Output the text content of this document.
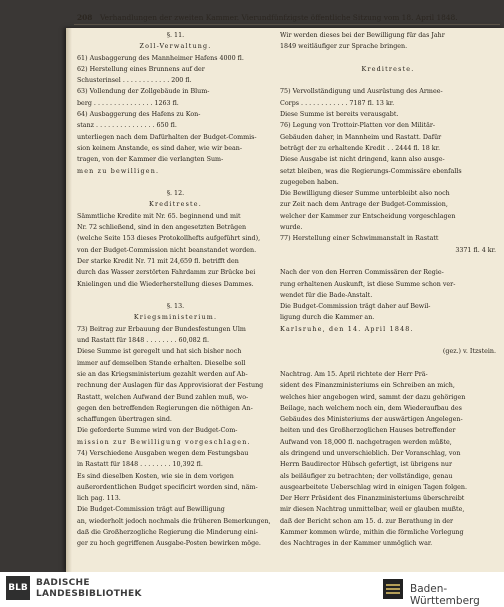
208 Verhandlungen der zweiten Kammer. Vierundfünfzigste öffentliche Sitzung vom 18. April 1848.
§. 11.
Zoll-Verwaltung.
61) Ausbaggerung des Mannheimer Hafens 4000 fl.
62) Herstellung eines Brunnens auf der
Schusterinsel . . . . . . . . . . . . 200 fl.
63) Vollendung der Zollgebäude in Blum-
berg . . . . . . . . . . . . . . . 1263 fl.
64) Ausbaggerung des Hafens zu Kon-
stanz . . . . . . . . . . . . . . . 650 fl.
unterliegen nach dem Dafürhalten der Budget-Commis-
sion keinem Anstande, es sind daher, wie wir bean-
tragen, von der Kammer die verlangten Sum-
men zu bewilligen.
§. 12.
Kreditreste.
Sämmtliche Kredite mit Nr. 65. beginnend und mit
Nr. 72 schließend, sind in den angesetzten Beträgen
(welche Seite 153 dieses Protokollhefts aufgeführt sind),
von der Budget-Commission nicht beanstandet worden.
Der starke Kredit Nr. 71 mit 24,659 fl. betrifft den
durch das Wasser zerstörten Fahrdamm zur Brücke bei
Knielingen und die Wiederherstellung dieses Dammes.
§. 13.
Kriegsministerium.
73) Beitrag zur Erbauung der Bundesfestungen Ulm
und Rastatt für 1848 . . . . . . . . 60,082 fl.
Diese Summe ist geregelt und hat sich bisher noch
immer auf demselben Stande erhalten. Dieselbe soll
sie an das Kriegsministerium gezahlt werden auf Ab-
rechnung der Auslagen für das Approvisiorat der Festung
Rastatt, welchen Aufwand der Bund zahlen muß, wo-
gegen den betreffenden Regierungen die nöthigen An-
schaffungen übertragen sind.
Die geforderte Summe wird von der Budget-Com-
mission zur Bewilligung vorgeschlagen.
74) Verschiedene Ausgaben wegen dem Festungsbau
in Rastatt für 1848 . . . . . . . . 10,392 fl.
Es sind dieselben Kosten, wie sie in dem vorigen
außerordentlichen Budget specificirt worden sind, näm-
lich pag. 113.
Die Budget-Commission trägt auf Bewilligung
an, wiederholt jedoch nochmals die früheren Bemerkungen,
daß die Großherzogliche Regierung die Minderung eini-
ger zu hoch gegriffenen Ausgabe-Posten bewirken möge.
Wir werden dieses bei der Bewilligung für das Jahr
1849 weitläufiger zur Sprache bringen.
Kreditreste.
75) Vervollständigung und Ausrüstung des Armee-
Corps . . . . . . . . . . . . 7187 fl. 13 kr.
Diese Summe ist bereits verausgabt.
76) Legung von Trottoir-Platten vor den Militär-
Gebäuden daher, in Mannheim und Rastatt. Dafür
beträgt der zu erhaltende Kredit . . 2444 fl. 18 kr.
Diese Ausgabe ist nicht dringend, kann also ausge-
setzt bleiben, was die Regierungs-Commissäre ebenfalls
zugegeben haben.
Die Bewilligung dieser Summe unterbleibt also noch
zur Zeit nach dem Antrage der Budget-Commission,
welcher der Kammer zur Entscheidung vorgeschlagen
wurde.
77) Herstellung einer Schwimmanstalt in Rastatt
3371 fl. 4 kr.
Nach der von den Herren Commissären der Regie-
rung erhaltenen Auskunft, ist diese Summe schon ver-
wendet für die Bade-Anstalt.
Die Budget-Commission trägt daher auf Bewil-
ligung durch die Kammer an.
Karlsruhe, den 14. April 1848.
(gez.) v. Itzstein.
Nachtrag. Am 15. April richtete der Herr Prä-
sident des Finanzministeriums ein Schreiben an mich,
welches hier angebogen wird, sammt der dazu gehörigen
Beilage, nach welchem noch ein, dem Wiederaufbau des
Gebäudes des Ministeriums der auswärtigen Angelegen-
heiten und des Großherzoglichen Hauses betreffender
Aufwand von 18,000 fl. nachgetragen werden müßte,
als dringend und unverschieblich. Der Voranschlag, von
Herrn Baudirector Hübsch gefertigt, ist übrigens nur
als beiläufiger zu betrachten; der vollständige, genau
ausgearbeitete Ueberschlag wird in einigen Tagen folgen.
Der Herr Präsident des Finanzministeriums überschreibt
mir diesen Nachtrag unmittelbar, weil er glauben mußte,
daß der Bericht schon am 15. d. zur Berathung in der
Kammer kommen würde, mithin die förmliche Vorlegung
des Nachtrages in der Kammer unmöglich war.
BLB BADISCHE
LANDESBIBLIOTHEK	Baden-Württemberg
